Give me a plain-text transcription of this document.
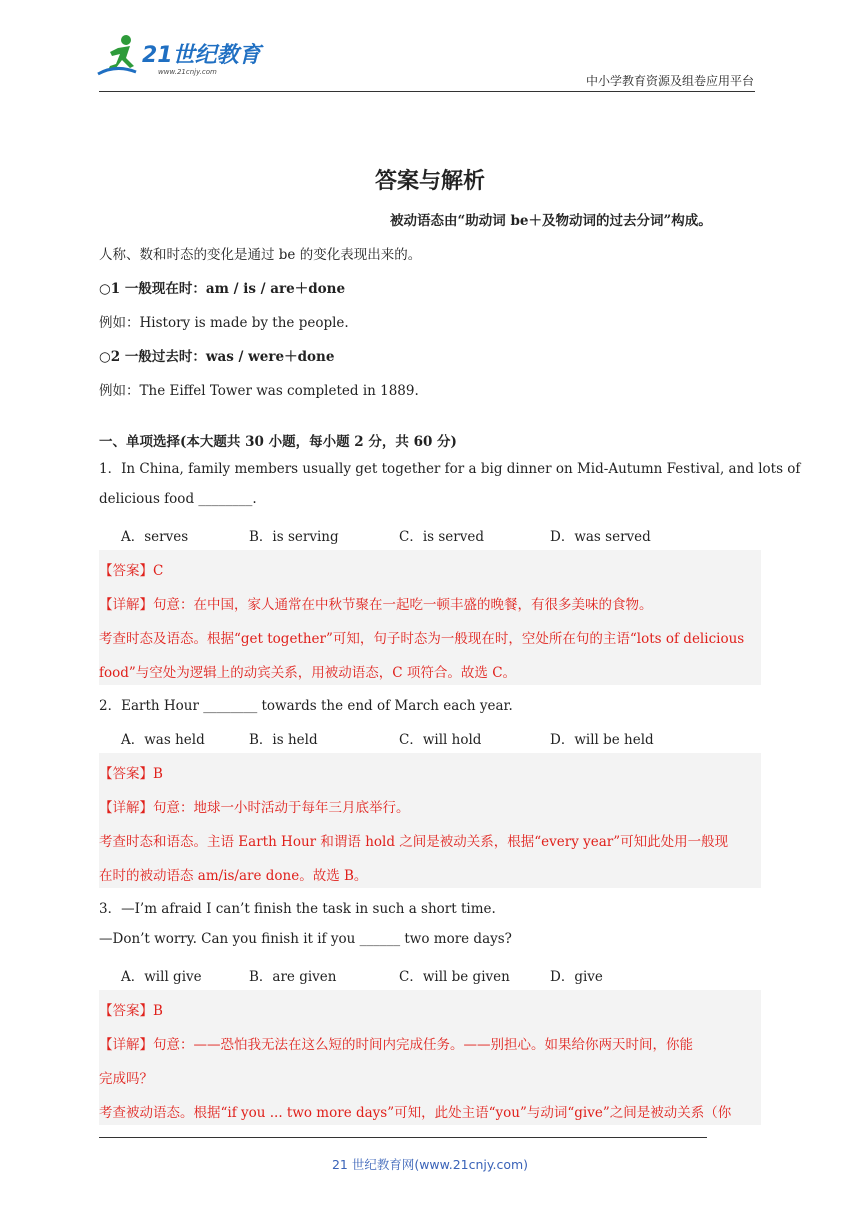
21世纪教育
www.21cnjy.com
中小学教育资源及组卷应用平台
答案与解析
被动语态由“助动词 be＋及物动词的过去分词”构成。
人称、数和时态的变化是通过 be 的变化表现出来的。
○1 一般现在时：am / is / are＋done
例如：History is made by the people.
○2 一般过去时：was / were＋done
例如：The Eiffel Tower was completed in 1889.
一、单项选择(本大题共 30 小题，每小题 2 分，共 60 分)
1．In China, family members usually get together for a big dinner on Mid-Autumn Festival, and lots of
delicious food ________.
A．serves	B．is serving	C．is served	D．was served
【答案】C
【详解】句意：在中国，家人通常在中秋节聚在一起吃一顿丰盛的晚餐，有很多美味的食物。
考查时态及语态。根据“get together”可知，句子时态为一般现在时，空处所在句的主语“lots of delicious
food”与空处为逻辑上的动宾关系，用被动语态，C 项符合。故选 C。
2．Earth Hour ________ towards the end of March each year.
A．was held	B．is held	C．will hold	D．will be held
【答案】B
【详解】句意：地球一小时活动于每年三月底举行。
考查时态和语态。主语 Earth Hour 和谓语 hold 之间是被动关系，根据“every year”可知此处用一般现
在时的被动语态 am/is/are done。故选 B。
3．—I’m afraid I can’t finish the task in such a short time.
—Don’t worry. Can you finish it if you ______ two more days?
A．will give	B．are given	C．will be given	D．give
【答案】B
【详解】句意：——恐怕我无法在这么短的时间内完成任务。——别担心。如果给你两天时间，你能
完成吗？
考查被动语态。根据“if you ... two more days”可知，此处主语“you”与动词“give”之间是被动关系（你
21 世纪教育网(www.21cnjy.com)
